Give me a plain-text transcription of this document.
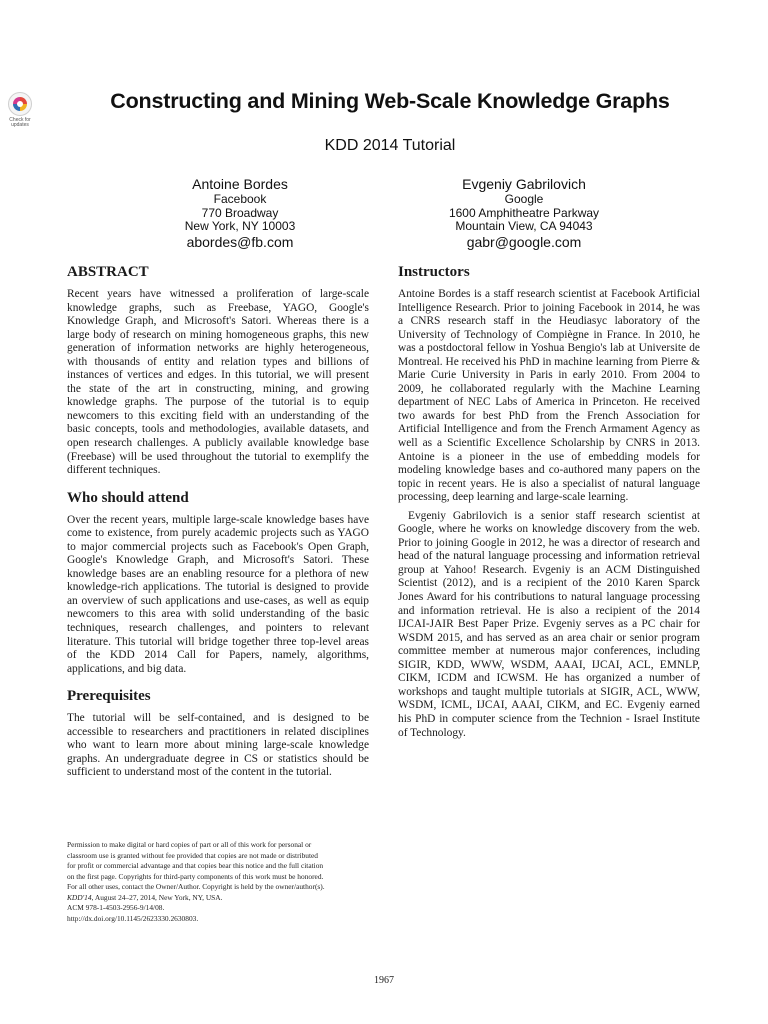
Check for updates
Constructing and Mining Web-Scale Knowledge Graphs
KDD 2014 Tutorial
Antoine Bordes
Facebook
770 Broadway
New York, NY 10003
abordes@fb.com
Evgeniy Gabrilovich
Google
1600 Amphitheatre Parkway
Mountain View, CA 94043
gabr@google.com
ABSTRACT

Recent years have witnessed a proliferation of large-scale knowledge graphs, such as Freebase, YAGO, Google's Knowledge Graph, and Microsoft's Satori. Whereas there is a large body of research on mining homogeneous graphs, this new generation of information networks are highly heterogeneous, with thousands of entity and relation types and billions of instances of vertices and edges. In this tutorial, we will present the state of the art in constructing, mining, and growing knowledge graphs. The purpose of the tutorial is to equip newcomers to this exciting field with an understanding of the basic concepts, tools and methodologies, available datasets, and open research challenges. A publicly available knowledge base (Freebase) will be used throughout the tutorial to exemplify the different techniques.

Who should attend

Over the recent years, multiple large-scale knowledge bases have come to existence, from purely academic projects such as YAGO to major commercial projects such as Facebook's Open Graph, Google's Knowledge Graph, and Microsoft's Satori. These knowledge bases are an enabling resource for a plethora of new knowledge-rich applications. The tutorial is designed to provide an overview of such applications and use-cases, as well as equip newcomers to this area with solid understanding of the basic techniques, research challenges, and pointers to relevant literature. This tutorial will bridge together three top-level areas of the KDD 2014 Call for Papers, namely, algorithms, applications, and big data.

Prerequisites

The tutorial will be self-contained, and is designed to be accessible to researchers and practitioners in related disciplines who want to learn more about mining large-scale knowledge graphs. An undergraduate degree in CS or statistics should be sufficient to understand most of the content in the tutorial.

Instructors

Antoine Bordes is a staff research scientist at Facebook Artificial Intelligence Research. Prior to joining Facebook in 2014, he was a CNRS research staff in the Heudiasyc laboratory of the University of Technology of Compiègne in France. In 2010, he was a postdoctoral fellow in Yoshua Bengio's lab at Universite de Montreal. He received his PhD in machine learning from Pierre & Marie Curie University in Paris in early 2010. From 2004 to 2009, he collaborated regularly with the Machine Learning department of NEC Labs of America in Princeton. He received two awards for best PhD from the French Association for Artificial Intelligence and from the French Armament Agency as well as a Scientific Excellence Scholarship by CNRS in 2013. Antoine is a pioneer in the use of embedding models for modeling knowledge bases and co-authored many papers on the topic in recent years. He is also a specialist of natural language processing, deep learning and large-scale learning.

Evgeniy Gabrilovich is a senior staff research scientist at Google, where he works on knowledge discovery from the web. Prior to joining Google in 2012, he was a director of research and head of the natural language processing and information retrieval group at Yahoo! Research. Evgeniy is an ACM Distinguished Scientist (2012), and is a recipient of the 2010 Karen Sparck Jones Award for his contributions to natural language processing and information retrieval. He is also a recipient of the 2014 IJCAI-JAIR Best Paper Prize. Evgeniy serves as a PC chair for WSDM 2015, and has served as an area chair or senior program committee member at numerous major conferences, including SIGIR, KDD, WWW, WSDM, AAAI, IJCAI, ACL, EMNLP, CIKM, ICDM and ICWSM. He has organized a number of workshops and taught multiple tutorials at SIGIR, ACL, WWW, WSDM, ICML, IJCAI, AAAI, CIKM, and EC. Evgeniy earned his PhD in computer science from the Technion - Israel Institute of Technology.

Permission to make digital or hard copies of part or all of this work for personal or
classroom use is granted without fee provided that copies are not made or distributed
for profit or commercial advantage and that copies bear this notice and the full citation
on the first page. Copyrights for third-party components of this work must be honored.
For all other uses, contact the Owner/Author. Copyright is held by the owner/author(s).
KDD'14, August 24–27, 2014, New York, NY, USA.
ACM 978-1-4503-2956-9/14/08.
http://dx.doi.org/10.1145/2623330.2630803.
1967
